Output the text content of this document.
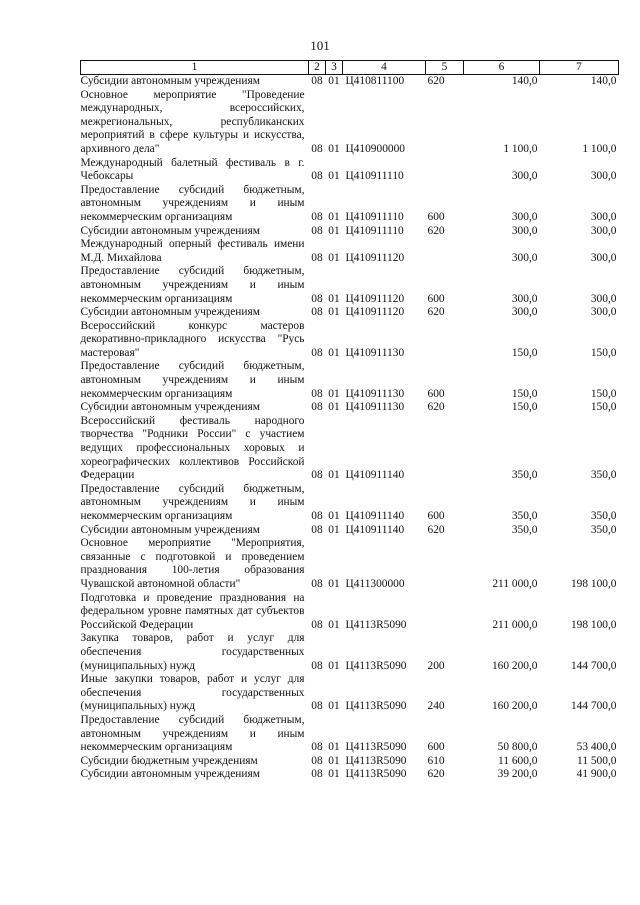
101
1	2	3	4	5	6	7
Субсидии автономным учреждениям	08	01	Ц410811100	620	140,0	140,0
Основное мероприятие "Проведение международных, всероссийских, межрегиональных, республиканских мероприятий в сфере культуры и искусства, архивного дела"	08	01	Ц410900000		1 100,0	1 100,0
Международный балетный фестиваль в г. Чебоксары	08	01	Ц410911110		300,0	300,0
Предоставление субсидий бюджетным, автономным учреждениям и иным некоммерческим организациям	08	01	Ц410911110	600	300,0	300,0
Субсидии автономным учреждениям	08	01	Ц410911110	620	300,0	300,0
Международный оперный фестиваль имени М.Д. Михайлова	08	01	Ц410911120		300,0	300,0
Предоставление субсидий бюджетным, автономным учреждениям и иным некоммерческим организациям	08	01	Ц410911120	600	300,0	300,0
Субсидии автономным учреждениям	08	01	Ц410911120	620	300,0	300,0
Всероссийский конкурс мастеров декоративно-прикладного искусства "Русь мастеровая"	08	01	Ц410911130		150,0	150,0
Предоставление субсидий бюджетным, автономным учреждениям и иным некоммерческим организациям	08	01	Ц410911130	600	150,0	150,0
Субсидии автономным учреждениям	08	01	Ц410911130	620	150,0	150,0
Всероссийский фестиваль народного творчества "Родники России" с участием ведущих профессиональных хоровых и хореографических коллективов Российской Федерации	08	01	Ц410911140		350,0	350,0
Предоставление субсидий бюджетным, автономным учреждениям и иным некоммерческим организациям	08	01	Ц410911140	600	350,0	350,0
Субсидии автономным учреждениям	08	01	Ц410911140	620	350,0	350,0
Основное мероприятие "Мероприятия, связанные с подготовкой и проведением празднования 100-летия образования Чувашской автономной области"	08	01	Ц411300000		211 000,0	198 100,0
Подготовка и проведение празднования на федеральном уровне памятных дат субъектов Российской Федерации	08	01	Ц4113R5090		211 000,0	198 100,0
Закупка товаров, работ и услуг для обеспечения государственных (муниципальных) нужд	08	01	Ц4113R5090	200	160 200,0	144 700,0
Иные закупки товаров, работ и услуг для обеспечения государственных (муниципальных) нужд	08	01	Ц4113R5090	240	160 200,0	144 700,0
Предоставление субсидий бюджетным, автономным учреждениям и иным некоммерческим организациям	08	01	Ц4113R5090	600	50 800,0	53 400,0
Субсидии бюджетным учреждениям	08	01	Ц4113R5090	610	11 600,0	11 500,0
Субсидии автономным учреждениям	08	01	Ц4113R5090	620	39 200,0	41 900,0
